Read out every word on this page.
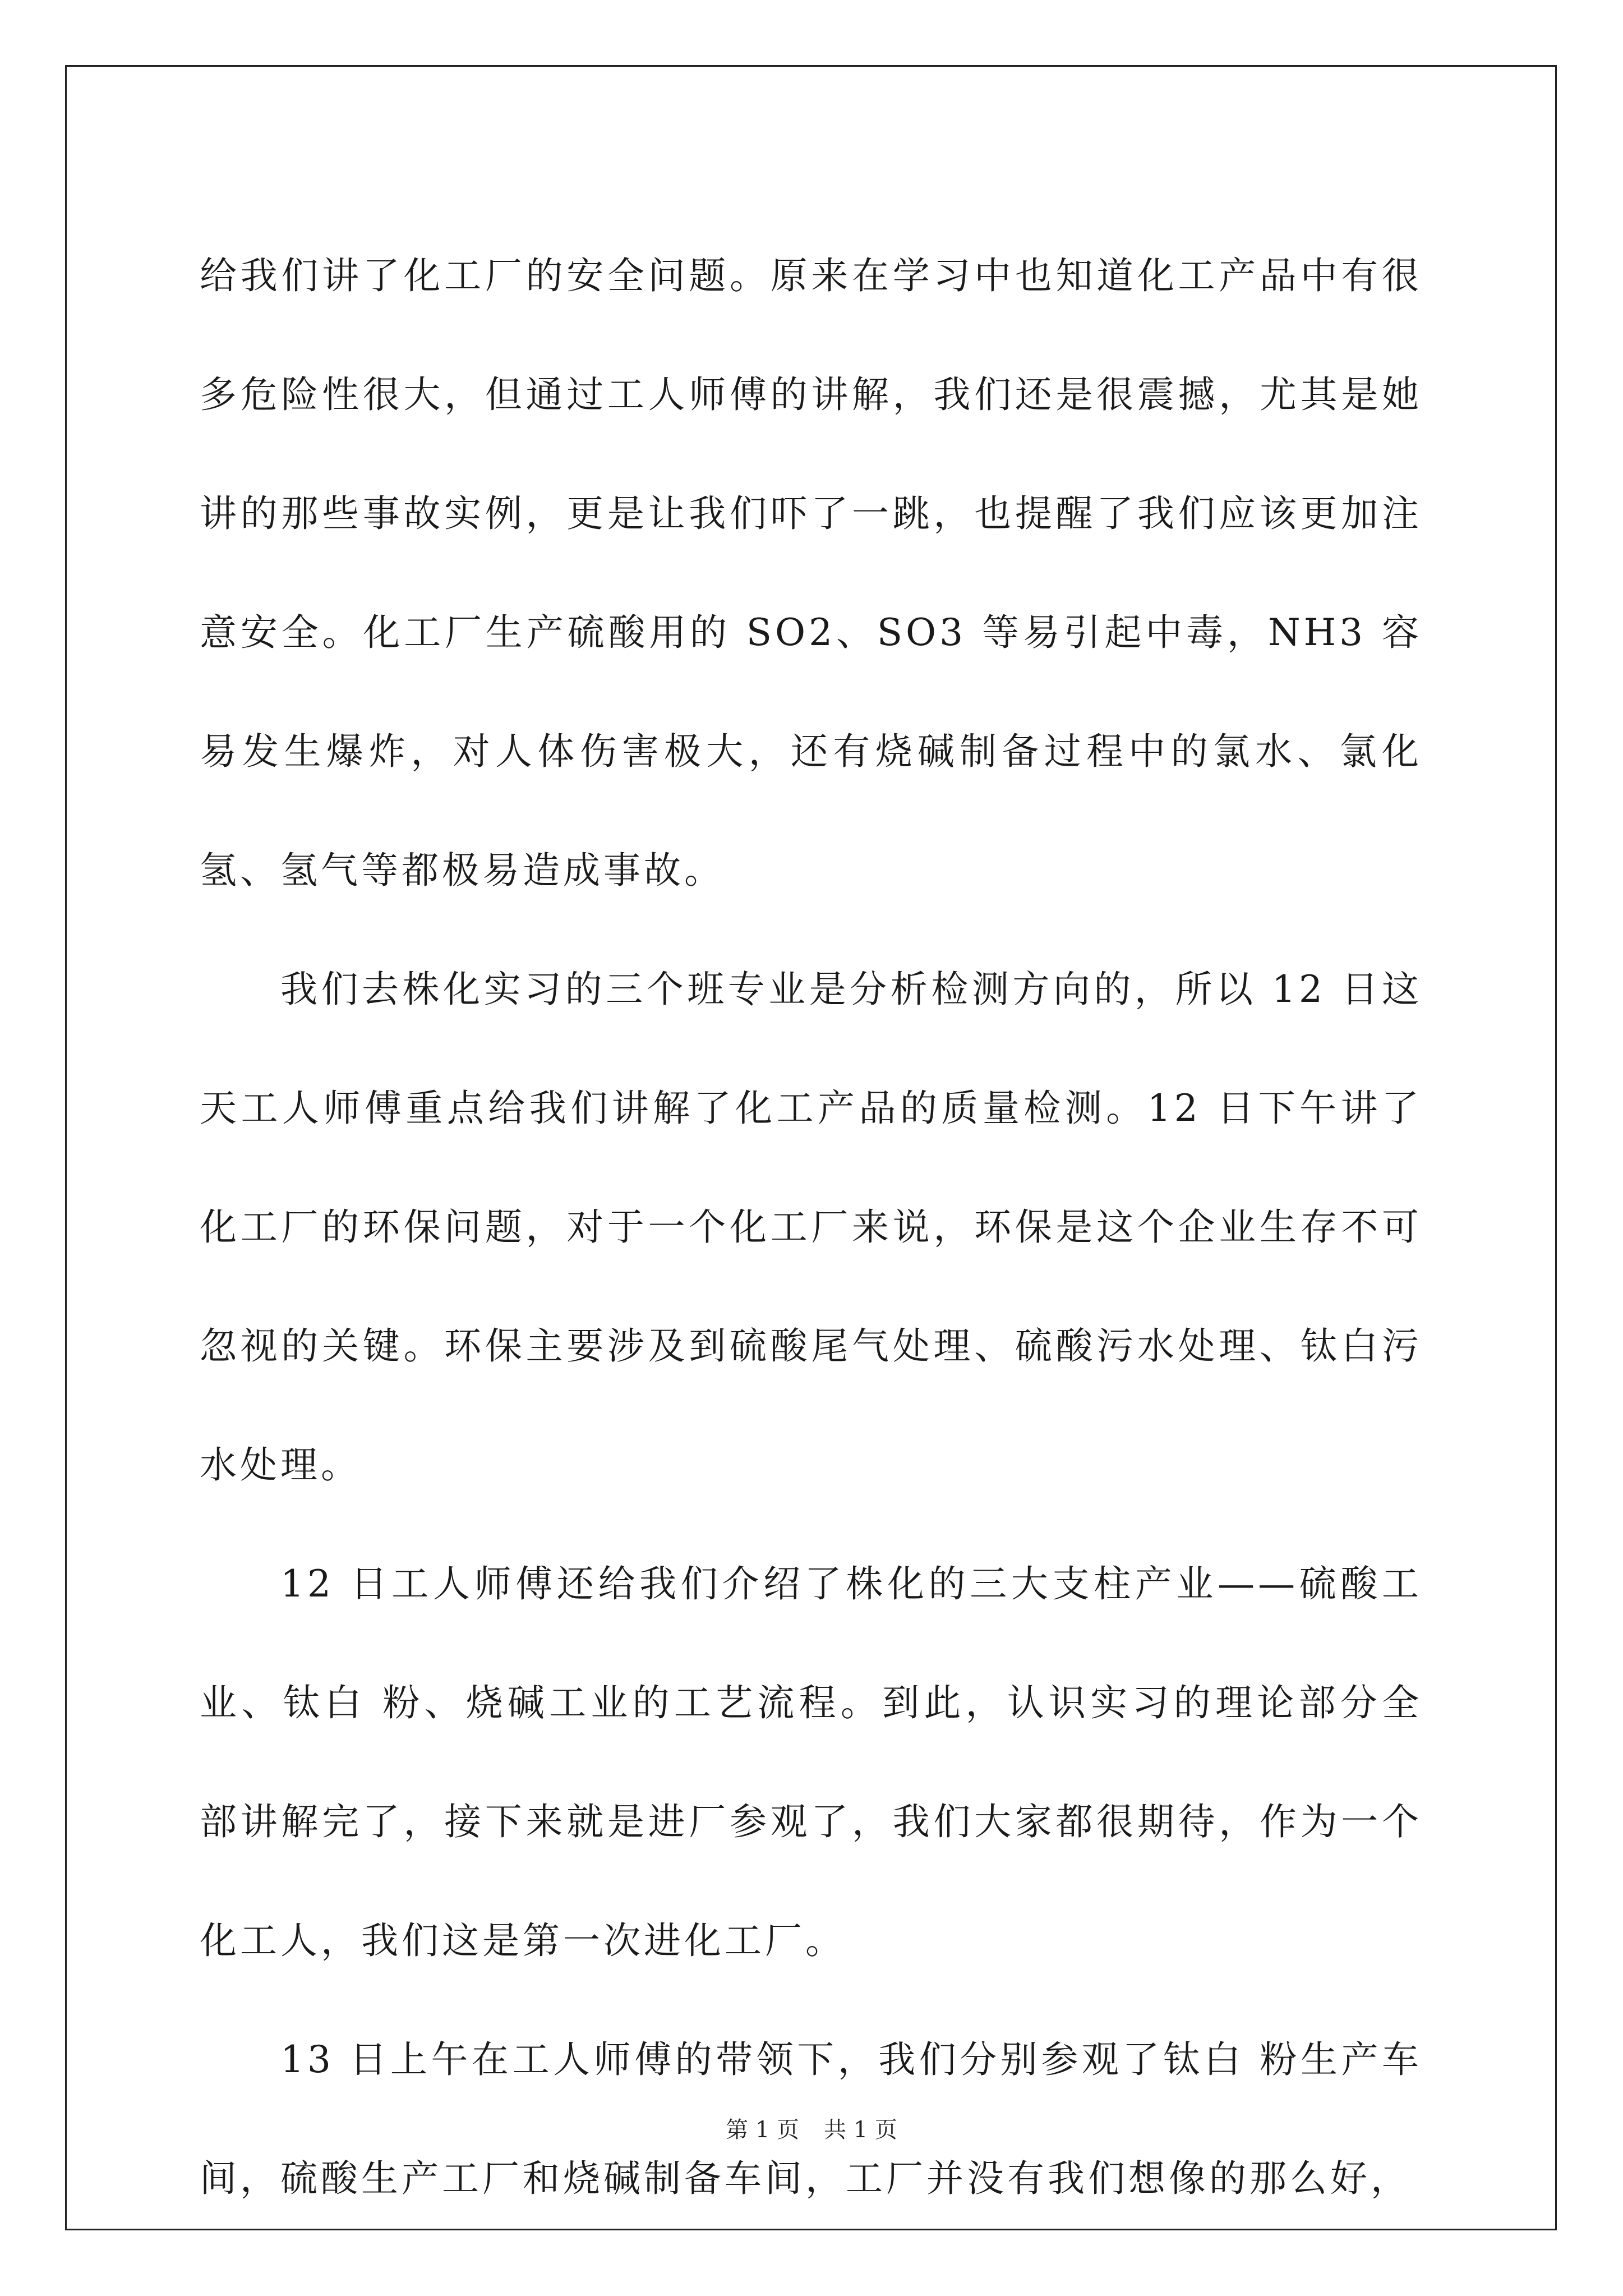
给我们讲了化工厂的安全问题。原来在学习中也知道化工产品中有很多危险性很大，但通过工人师傅的讲解，我们还是很震撼，尤其是她讲的那些事故实例，更是让我们吓了一跳，也提醒了我们应该更加注意安全。化工厂生产硫酸用的 SO2、SO3 等易引起中毒，NH3 容易发生爆炸，对人体伤害极大，还有烧碱制备过程中的氯水、氯化氢、氢气等都极易造成事故。

我们去株化实习的三个班专业是分析检测方向的，所以 12 日这天工人师傅重点给我们讲解了化工产品的质量检测。12 日下午讲了化工厂的环保问题，对于一个化工厂来说，环保是这个企业生存不可忽视的关键。环保主要涉及到硫酸尾气处理、硫酸污水处理、钛白污水处理。

12 日工人师傅还给我们介绍了株化的三大支柱产业——硫酸工业、钛白 粉、烧碱工业的工艺流程。到此，认识实习的理论部分全部讲解完了，接下来就是进厂参观了，我们大家都很期待，作为一个化工人，我们这是第一次进化工厂。

13 日上午在工人师傅的带领下，我们分别参观了钛白 粉生产车间，硫酸生产工厂和烧碱制备车间，工厂并没有我们想像的那么好，

第 1 页 共 1 页
